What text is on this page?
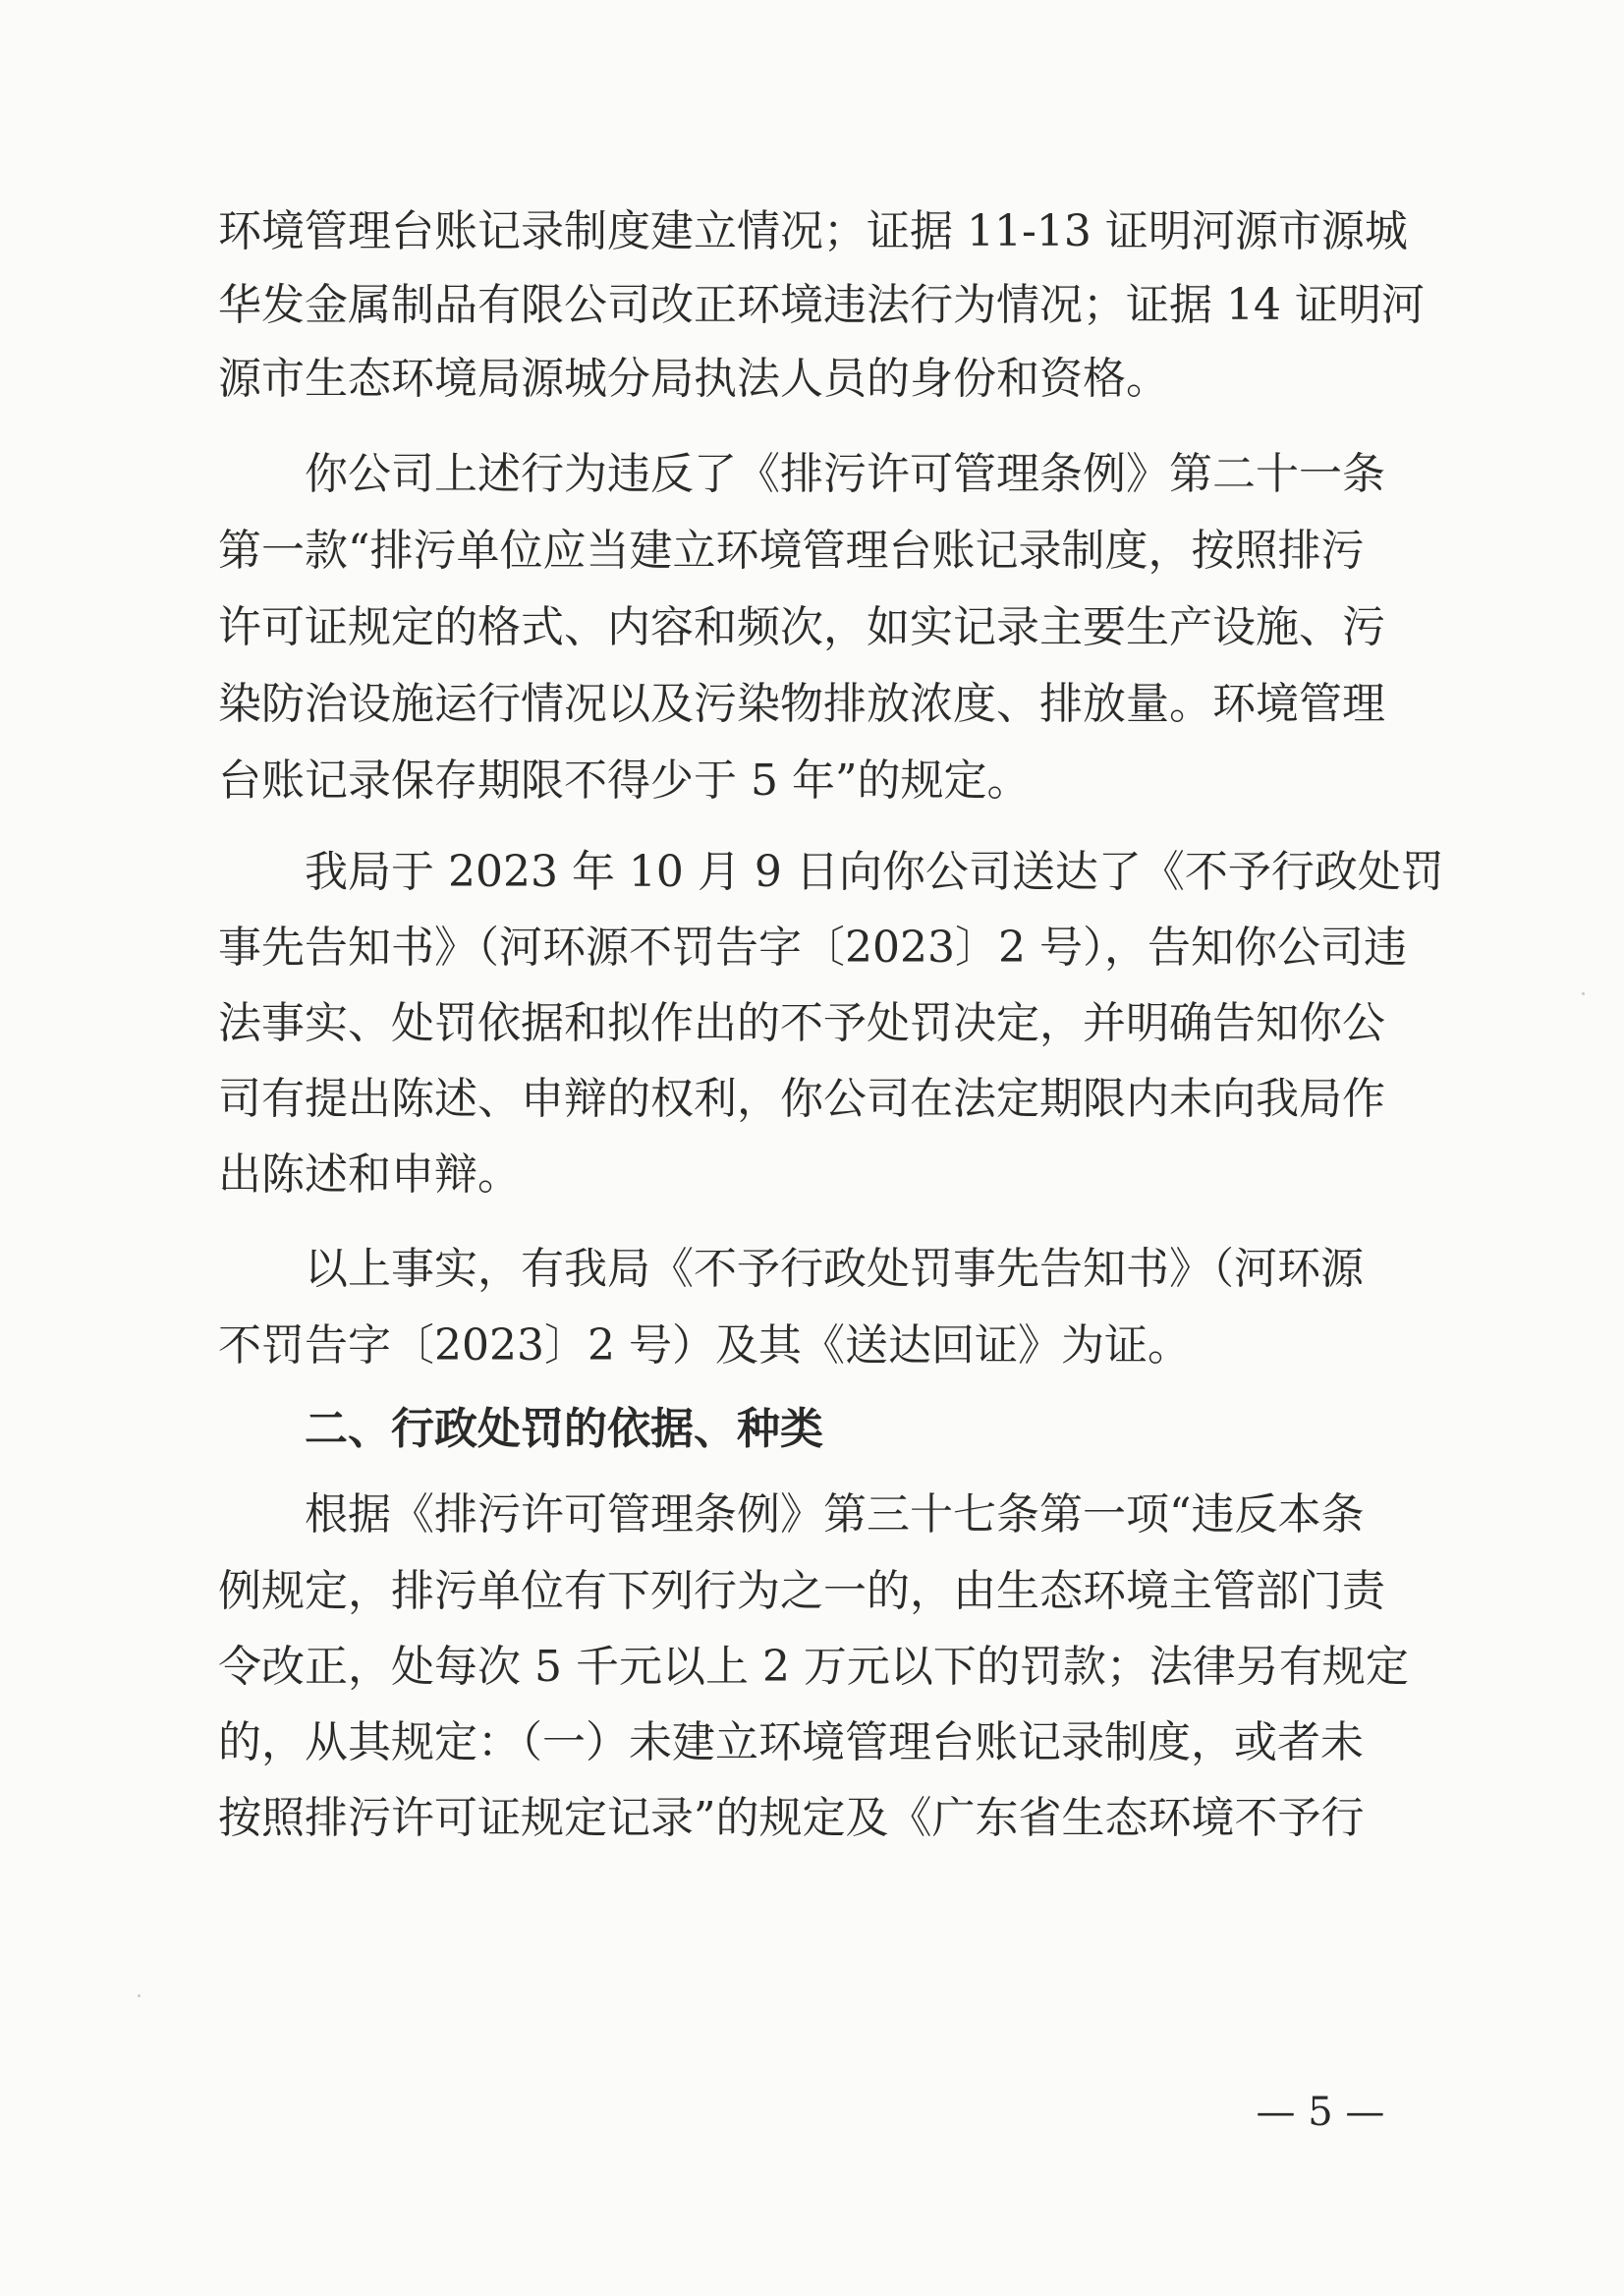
环境管理台账记录制度建立情况；证据 11-13 证明河源市源城
华发金属制品有限公司改正环境违法行为情况；证据 14 证明河
源市生态环境局源城分局执法人员的身份和资格。
你公司上述行为违反了《排污许可管理条例》第二十一条
第一款“排污单位应当建立环境管理台账记录制度，按照排污
许可证规定的格式、内容和频次，如实记录主要生产设施、污
染防治设施运行情况以及污染物排放浓度、排放量。环境管理
台账记录保存期限不得少于 5 年”的规定。
我局于 2023 年 10 月 9 日向你公司送达了《不予行政处罚
事先告知书》（河环源不罚告字〔2023〕2 号），告知你公司违
法事实、处罚依据和拟作出的不予处罚决定，并明确告知你公
司有提出陈述、申辩的权利，你公司在法定期限内未向我局作
出陈述和申辩。
以上事实，有我局《不予行政处罚事先告知书》（河环源
不罚告字〔2023〕2 号）及其《送达回证》为证。
二、行政处罚的依据、种类
根据《排污许可管理条例》第三十七条第一项“违反本条
例规定，排污单位有下列行为之一的，由生态环境主管部门责
令改正，处每次 5 千元以上 2 万元以下的罚款；法律另有规定
的，从其规定：（一）未建立环境管理台账记录制度，或者未
按照排污许可证规定记录”的规定及《广东省生态环境不予行
— 5 —
